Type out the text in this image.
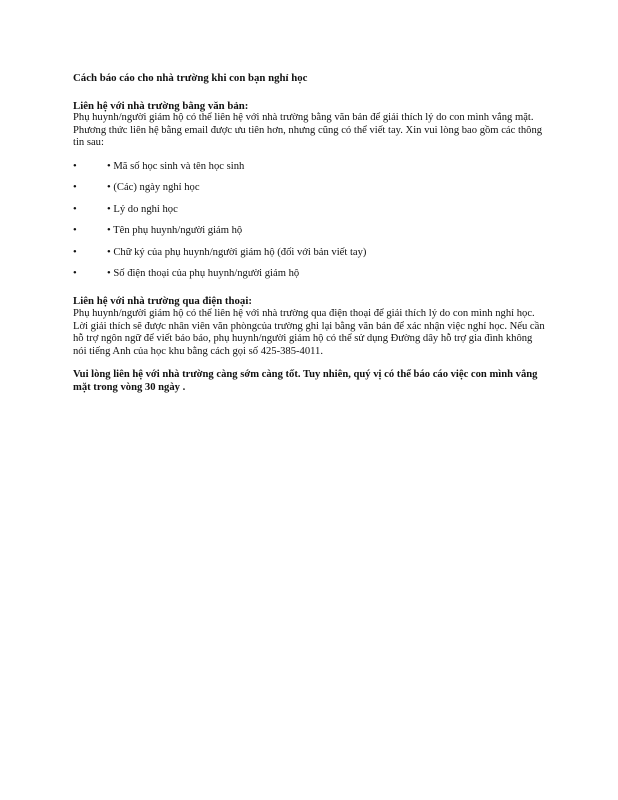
Cách báo cáo cho nhà trường khi con bạn nghỉ học

Liên hệ với nhà trường bằng văn bản:

Phụ huynh/người giám hộ có thể liên hệ với nhà trường bằng văn bản để giải thích lý do con mình vắng mặt. Phương thức liên hệ bằng email được ưu tiên hơn, nhưng cũng có thể viết tay. Xin vui lòng bao gồm các thông tin sau:

•	• Mã số học sinh và tên học sinh
•	• (Các) ngày nghỉ học
•	• Lý do nghỉ học
•	• Tên phụ huynh/người giám hộ
•	• Chữ ký của phụ huynh/người giám hộ (đối với bản viết tay)
•	• Số điện thoại của phụ huynh/người giám hộ

Liên hệ với nhà trường qua điện thoại:

Phụ huynh/người giám hộ có thể liên hệ với nhà trường qua điện thoại để giải thích lý do con mình nghỉ học. Lời giải thích sẽ được nhân viên văn phòngcủa trường ghi lại bằng văn bản để xác nhận việc nghỉ học. Nếu cần hỗ trợ ngôn ngữ để viết báo báo, phụ huynh/người giám hộ có thể sử dụng Đường dây hỗ trợ gia đình không nói tiếng Anh của học khu bằng cách gọi số 425-385-4011.

Vui lòng liên hệ với nhà trường càng sớm càng tốt. Tuy nhiên, quý vị có thể báo cáo việc con mình vắng mặt trong vòng 30 ngày .
